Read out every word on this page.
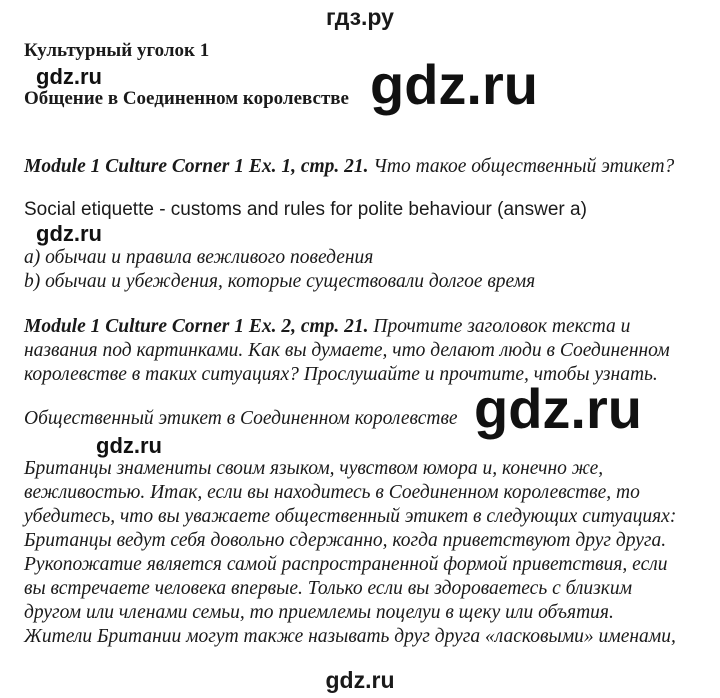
гдз.ру
Культурный уголок 1
gdz.ru
Общение в Соединенном королевстве gdz.ru
Module 1 Culture Corner 1 Ex. 1, стр. 21. Что такое общественный этикет?
Social etiquette - customs and rules for polite behaviour (answer a)
gdz.ru
a) обычаи и правила вежливого поведения
b) обычаи и убеждения, которые существовали долгое время
Module 1 Culture Corner 1 Ex. 2, стр. 21. Прочтите заголовок текста и
названия под картинками. Как вы думаете, что делают люди в Соединенном
королевстве в таких ситуациях? Прослушайте и прочтите, чтобы узнать.
Общественный этикет в Соединенном королевстве gdz.ru
gdz.ru
Британцы знамениты своим языком, чувством юмора и, конечно же,
вежливостью. Итак, если вы находитесь в Соединенном королевстве, то
убедитесь, что вы уважаете общественный этикет в следующих ситуациях:
Британцы ведут себя довольно сдержанно, когда приветствуют друг друга.
Рукопожатие является самой распространенной формой приветствия, если
вы встречаете человека впервые. Только если вы здороваетесь с близким
другом или членами семьи, то приемлемы поцелуи в щеку или объятия.
Жители Британии могут также называть друг друга «ласковыми» именами,
gdz.ru
